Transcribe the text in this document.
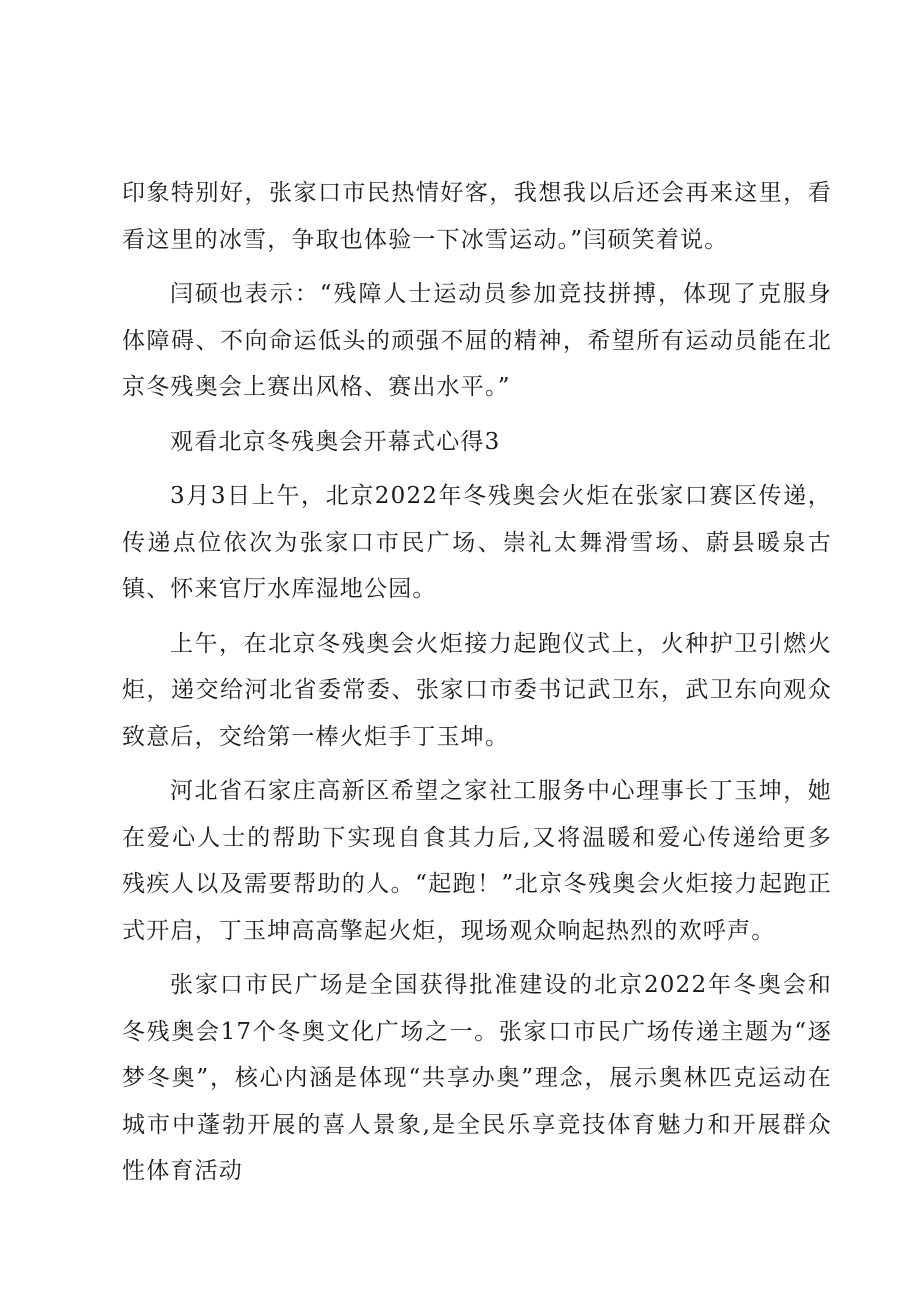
印象特别好，张家口市民热情好客，我想我以后还会再来这里，看看这里的冰雪，争取也体验一下冰雪运动。”闫硕笑着说。

闫硕也表示：“残障人士运动员参加竞技拼搏，体现了克服身体障碍、不向命运低头的顽强不屈的精神，希望所有运动员能在北京冬残奥会上赛出风格、赛出水平。”

观看北京冬残奥会开幕式心得3

3月3日上午，北京2022年冬残奥会火炬在张家口赛区传递，传递点位依次为张家口市民广场、崇礼太舞滑雪场、蔚县暖泉古镇、怀来官厅水库湿地公园。

上午，在北京冬残奥会火炬接力起跑仪式上，火种护卫引燃火炬，递交给河北省委常委、张家口市委书记武卫东，武卫东向观众致意后，交给第一棒火炬手丁玉坤。

河北省石家庄高新区希望之家社工服务中心理事长丁玉坤，她在爱心人士的帮助下实现自食其力后,又将温暖和爱心传递给更多残疾人以及需要帮助的人。“起跑！”北京冬残奥会火炬接力起跑正式开启，丁玉坤高高擎起火炬，现场观众响起热烈的欢呼声。

张家口市民广场是全国获得批准建设的北京2022年冬奥会和冬残奥会17个冬奥文化广场之一。张家口市民广场传递主题为“逐梦冬奥”，核心内涵是体现“共享办奥”理念，展示奥林匹克运动在城市中蓬勃开展的喜人景象,是全民乐享竞技体育魅力和开展群众性体育活动
